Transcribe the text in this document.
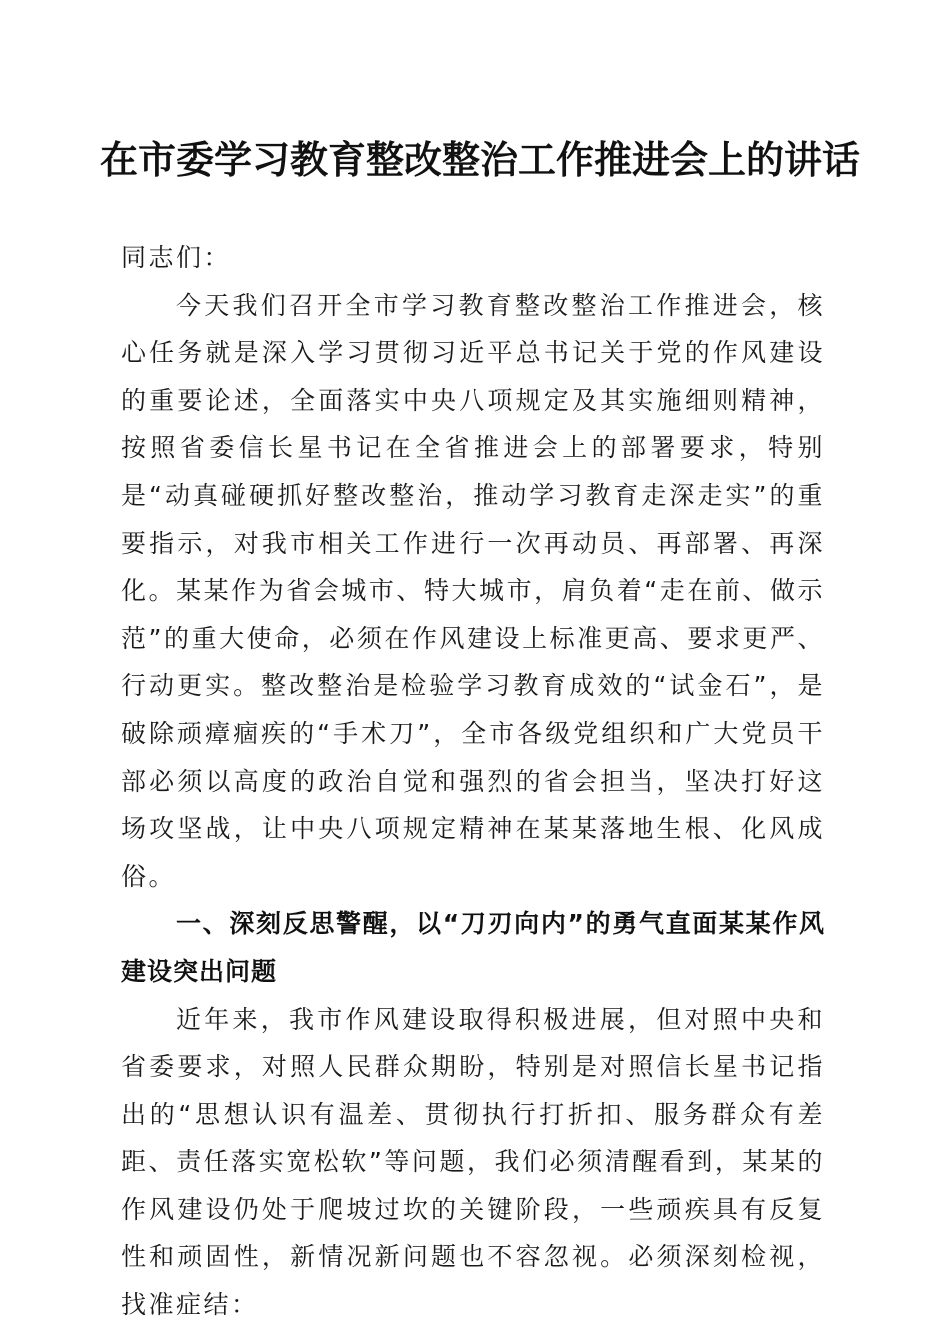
在市委学习教育整改整治工作推进会上的讲话

同志们：

今天我们召开全市学习教育整改整治工作推进会，核心任务就是深入学习贯彻习近平总书记关于党的作风建设的重要论述，全面落实中央八项规定及其实施细则精神，按照省委信长星书记在全省推进会上的部署要求，特别是“动真碰硬抓好整改整治，推动学习教育走深走实”的重要指示，对我市相关工作进行一次再动员、再部署、再深化。某某作为省会城市、特大城市，肩负着“走在前、做示范”的重大使命，必须在作风建设上标准更高、要求更严、行动更实。整改整治是检验学习教育成效的“试金石”，是破除顽瘴痼疾的“手术刀”，全市各级党组织和广大党员干部必须以高度的政治自觉和强烈的省会担当，坚决打好这场攻坚战，让中央八项规定精神在某某落地生根、化风成俗。

一、深刻反思警醒，以“刀刃向内”的勇气直面某某作风建设突出问题

近年来，我市作风建设取得积极进展，但对照中央和省委要求，对照人民群众期盼，特别是对照信长星书记指出的“思想认识有温差、贯彻执行打折扣、服务群众有差距、责任落实宽松软”等问题，我们必须清醒看到，某某的作风建设仍处于爬坡过坎的关键阶段，一些顽疾具有反复性和顽固性，新情况新问题也不容忽视。必须深刻检视，找准症结：
